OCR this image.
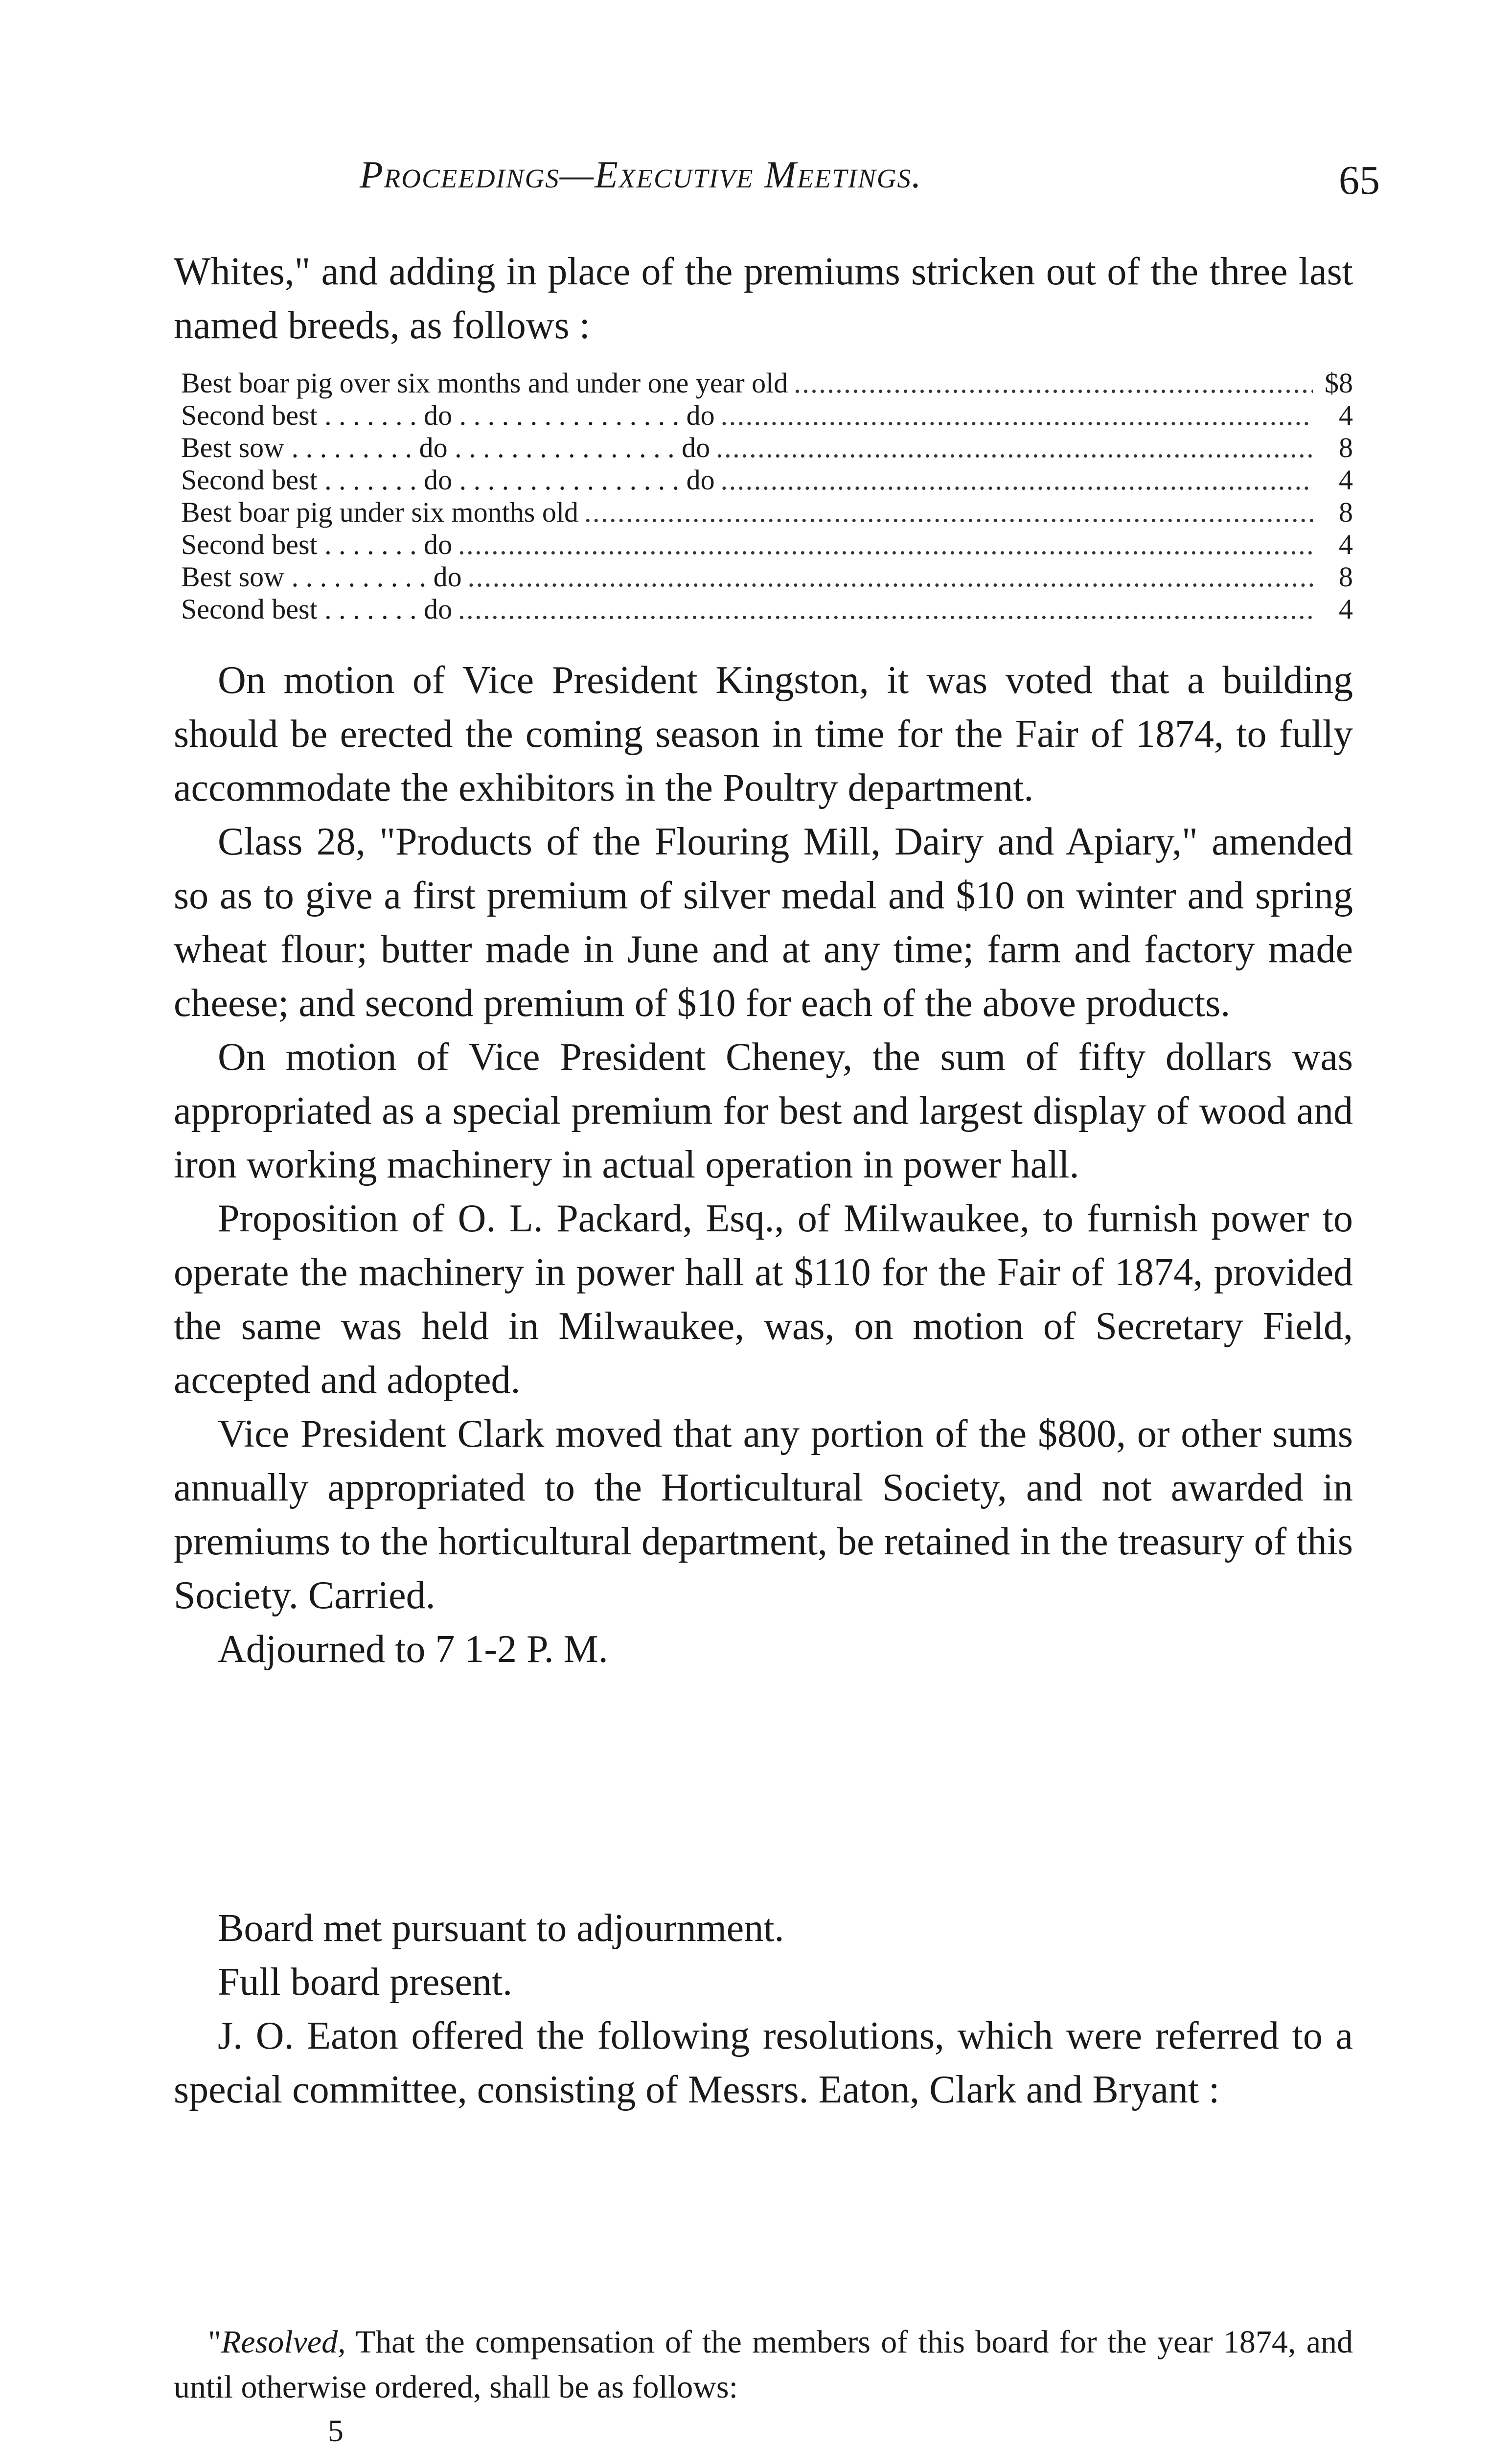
Proceedings—Executive Meetings.	65

Whites," and adding in place of the premiums stricken out of the three last named breeds, as follows :

Best boar pig over six months and under one year old . . .	$8
Second best . . . . . . . do . . . . . . . . . . . . . . . . do . . .	4
Best sow . . . . . . . . . do . . . . . . . . . . . . . . . . do . . .	8
Second best . . . . . . . do . . . . . . . . . . . . . . . . do . . .	4
Best boar pig under six months old . . .	8
Second best . . . . . . . do . . .	4
Best sow . . . . . . . . . . do . . .	8
Second best . . . . . . . do . . .	4

On motion of Vice President Kingston, it was voted that a building should be erected the coming season in time for the Fair of 1874, to fully accommodate the exhibitors in the Poultry department.

Class 28, "Products of the Flouring Mill, Dairy and Apiary," amended so as to give a first premium of silver medal and $10 on winter and spring wheat flour; butter made in June and at any time; farm and factory made cheese; and second premium of $10 for each of the above products.

On motion of Vice President Cheney, the sum of fifty dollars was appropriated as a special premium for best and largest display of wood and iron working machinery in actual operation in power hall.

Proposition of O. L. Packard, Esq., of Milwaukee, to furnish power to operate the machinery in power hall at $110 for the Fair of 1874, provided the same was held in Milwaukee, was, on motion of Secretary Field, accepted and adopted.

Vice President Clark moved that any portion of the $800, or other sums annually appropriated to the Horticultural Society, and not awarded in premiums to the horticultural department, be retained in the treasury of this Society. Carried.

Adjourned to 7 1-2 P. M.

Board met pursuant to adjournment.

Full board present.

J. O. Eaton offered the following resolutions, which were referred to a special committee, consisting of Messrs. Eaton, Clark and Bryant :

"Resolved, That the compensation of the members of this board for the year 1874, and until otherwise ordered, shall be as follows:

5
